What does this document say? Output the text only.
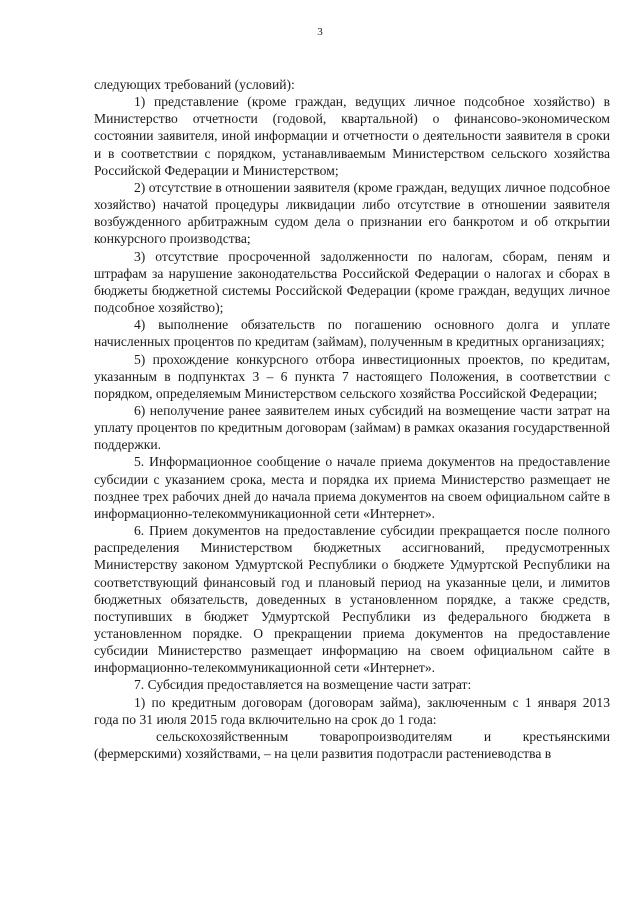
3

следующих требований (условий):

1) представление (кроме граждан, ведущих личное подсобное хозяйство) в Министерство отчетности (годовой, квартальной) о финансово-экономическом состоянии заявителя, иной информации и отчетности о деятельности заявителя в сроки и в соответствии с порядком, устанавливаемым Министерством сельского хозяйства Российской Федерации и Министерством;

2) отсутствие в отношении заявителя (кроме граждан, ведущих личное подсобное хозяйство) начатой процедуры ликвидации либо отсутствие в отношении заявителя возбужденного арбитражным судом дела о признании его банкротом и об открытии конкурсного производства;

3) отсутствие просроченной задолженности по налогам, сборам, пеням и штрафам за нарушение законодательства Российской Федерации о налогах и сборах в бюджеты бюджетной системы Российской Федерации (кроме граждан, ведущих личное подсобное хозяйство);

4) выполнение обязательств по погашению основного долга и уплате начисленных процентов по кредитам (займам), полученным в кредитных организациях;

5) прохождение конкурсного отбора инвестиционных проектов, по кредитам, указанным в подпунктах 3 – 6 пункта 7 настоящего Положения, в соответствии с порядком, определяемым Министерством сельского хозяйства Российской Федерации;

6) неполучение ранее заявителем иных субсидий на возмещение части затрат на уплату процентов по кредитным договорам (займам) в рамках оказания государственной поддержки.

5. Информационное сообщение о начале приема документов на предоставление субсидии с указанием срока, места и порядка их приема Министерство размещает не позднее трех рабочих дней до начала приема документов на своем официальном сайте в информационно-телекоммуникационной сети «Интернет».

6. Прием документов на предоставление субсидии прекращается после полного распределения Министерством бюджетных ассигнований, предусмотренных Министерству законом Удмуртской Республики о бюджете Удмуртской Республики на соответствующий финансовый год и плановый период на указанные цели, и лимитов бюджетных обязательств, доведенных в установленном порядке, а также средств, поступивших в бюджет Удмуртской Республики из федерального бюджета в установленном порядке. О прекращении приема документов на предоставление субсидии Министерство размещает информацию на своем официальном сайте в информационно-телекоммуникационной сети «Интернет».

7. Субсидия предоставляется на возмещение части затрат:

1) по кредитным договорам (договорам займа), заключенным с 1 января 2013 года по 31 июля 2015 года включительно на срок до 1 года:

сельскохозяйственным товаропроизводителям и крестьянскими (фермерскими) хозяйствами, – на цели развития подотрасли растениеводства в
